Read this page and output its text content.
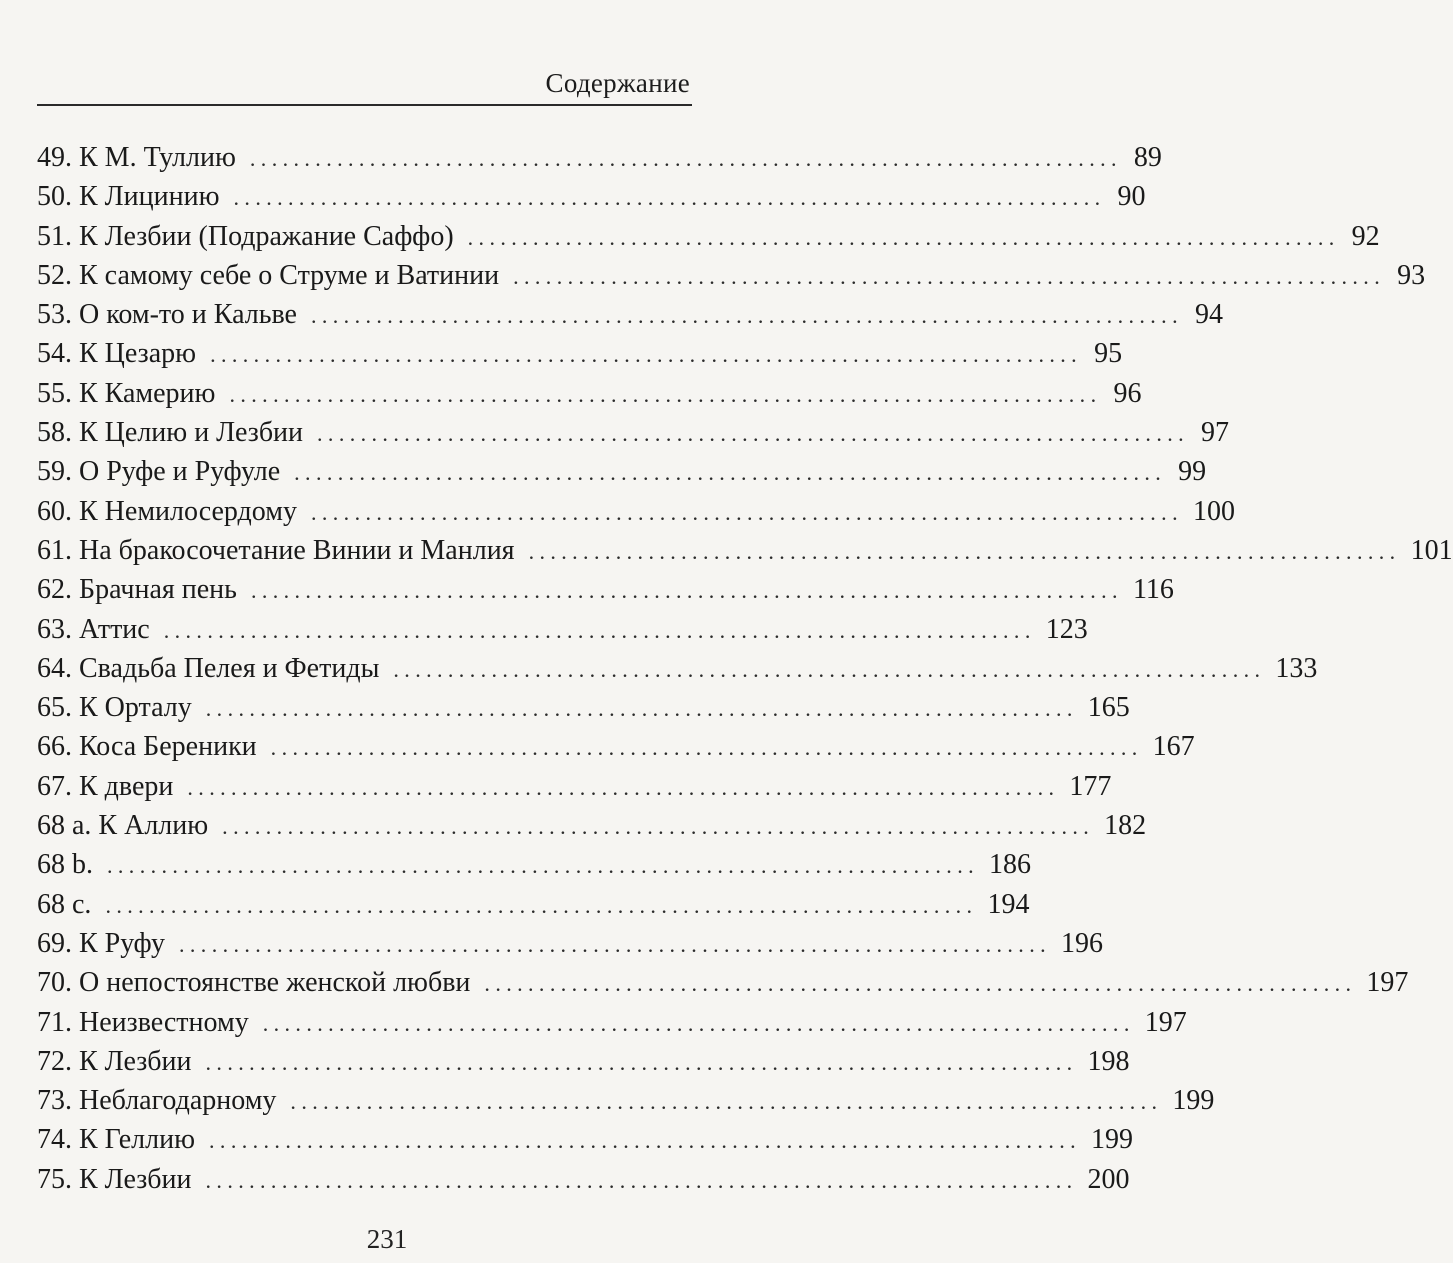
Содержание
49. К М. Туллию ................................................................................ 89
50. К Лицинию ................................................................................ 90
51. К Лезбии (Подражание Саффо) ................................................................................ 92
52. К самому себе о Струме и Ватинии ................................................................................ 93
53. О ком-то и Кальве ................................................................................ 94
54. К Цезарю ................................................................................ 95
55. К Камерию ................................................................................ 96
58. К Целию и Лезбии ................................................................................ 97
59. О Руфе и Руфуле ................................................................................ 99
60. К Немилосердому ................................................................................ 100
61. На бракосочетание Винии и Манлия ................................................................................ 101
62. Брачная пень ................................................................................ 116
63. Аттис ................................................................................ 123
64. Свадьба Пелея и Фетиды ................................................................................ 133
65. К Орталу ................................................................................ 165
66. Коса Береники ................................................................................ 167
67. К двери ................................................................................ 177
68 a. К Аллию ................................................................................ 182
68 b. ................................................................................ 186
68 c. ................................................................................ 194
69. К Руфу ................................................................................ 196
70. О непостоянстве женской любви ................................................................................ 197
71. Неизвестному ................................................................................ 197
72. К Лезбии ................................................................................ 198
73. Неблагодарному ................................................................................ 199
74. К Геллию ................................................................................ 199
75. К Лезбии ................................................................................ 200
231
